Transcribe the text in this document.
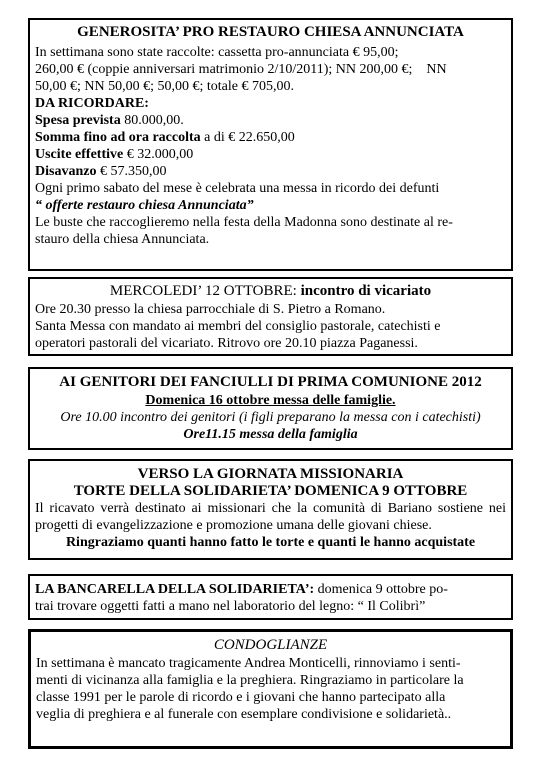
GENEROSITA’ PRO RESTAURO CHIESA ANNUNCIATA

In settimana sono state raccolte: cassetta pro-annunciata € 95,00;

260,00 € (coppie anniversari matrimonio 2/10/2011); NN 200,00 €;    NN

50,00 €; NN 50,00 €; 50,00 €; totale € 705,00.

DA RICORDARE:

Spesa prevista 80.000,00.

Somma fino ad ora raccolta a di € 22.650,00

Uscite effettive € 32.000,00

Disavanzo € 57.350,00

Ogni primo sabato del mese è celebrata una messa in ricordo dei defunti

“ offerte restauro chiesa Annunciata”

Le buste che raccoglieremo nella festa della Madonna sono destinate al re-

stauro della chiesa Annunciata.

MERCOLEDI’ 12 OTTOBRE: incontro di vicariato

Ore 20.30 presso la chiesa parrocchiale di S. Pietro a Romano.

Santa Messa con mandato ai membri del consiglio pastorale, catechisti e

operatori pastorali del vicariato. Ritrovo ore 20.10 piazza Paganessi.

AI GENITORI DEI FANCIULLI DI PRIMA COMUNIONE 2012

Domenica 16 ottobre messa delle famiglie.

Ore 10.00 incontro dei genitori (i figli preparano la messa con i catechisti)

Ore11.15 messa della famiglia

VERSO LA GIORNATA MISSIONARIA

TORTE DELLA SOLIDARIETA’ DOMENICA 9 OTTOBRE

Il ricavato verrà destinato ai missionari che la comunità di Bariano sostiene nei progetti di evangelizzazione e promozione umana delle giovani chiese.

Ringraziamo quanti hanno fatto le torte e quanti le hanno acquistate

LA BANCARELLA DELLA SOLIDARIETA’: domenica 9 ottobre po-

trai trovare oggetti fatti a mano nel laboratorio del legno: “ Il Colibrì”

CONDOGLIANZE

In settimana è mancato tragicamente Andrea Monticelli, rinnoviamo i senti-

menti di vicinanza alla famiglia e la preghiera. Ringraziamo in particolare la

classe 1991 per le parole di ricordo e i giovani che hanno partecipato alla

veglia di preghiera e al funerale con esemplare condivisione e solidarietà..
